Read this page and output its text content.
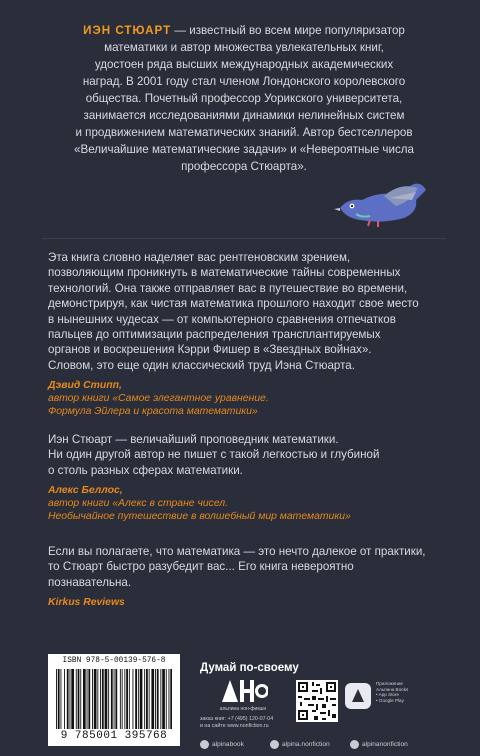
ИЭН СТЮАРТ — известный во всем мире популяризатор
математики и автор множества увлекательных книг,
удостоен ряда высших международных академических
наград. В 2001 году стал членом Лондонского королевского
общества. Почетный профессор Уорикского университета,
занимается исследованиями динамики нелинейных систем
и продвижением математических знаний. Автор бестселлеров
«Величайшие математические задачи» и «Невероятные числа
профессора Стюарта».
Эта книга словно наделяет вас рентгеновским зрением,
позволяющим проникнуть в математические тайны современных
технологий. Она также отправляет вас в путешествие во времени,
демонстрируя, как чистая математика прошлого находит свое место
в нынешних чудесах — от компьютерного сравнения отпечатков
пальцев до оптимизации распределения трансплантируемых
органов и воскрешения Кэрри Фишер в «Звездных войнах».
Словом, это еще один классический труд Иэна Стюарта.
Дэвид Стипп,
автор книги «Самое элегантное уравнение.
Формула Эйлера и красота математики»
Иэн Стюарт — величайший проповедник математики.
Ни один другой автор не пишет с такой легкостью и глубиной
о столь разных сферах математики.
Алекс Беллос,
автор книги «Алекс в стране чисел.
Необычайное путешествие в волшебный мир математики»
Если вы полагаете, что математика — это нечто далекое от практики,
то Стюарт быстро разубедит вас... Его книга невероятно
познавательна.
Kirkus Reviews
ISBN 978-5-00139-576-8
9 785001 395768
Думай по-своему
альпина нон-фикшн
заказ книг: +7 (495) 120-07-04
и на сайте www.nonfiction.ru
Приложение
Альпина Books
• App Store
• Google Play
alpinabook	alpina.nonfiction	alpinanonfiction
